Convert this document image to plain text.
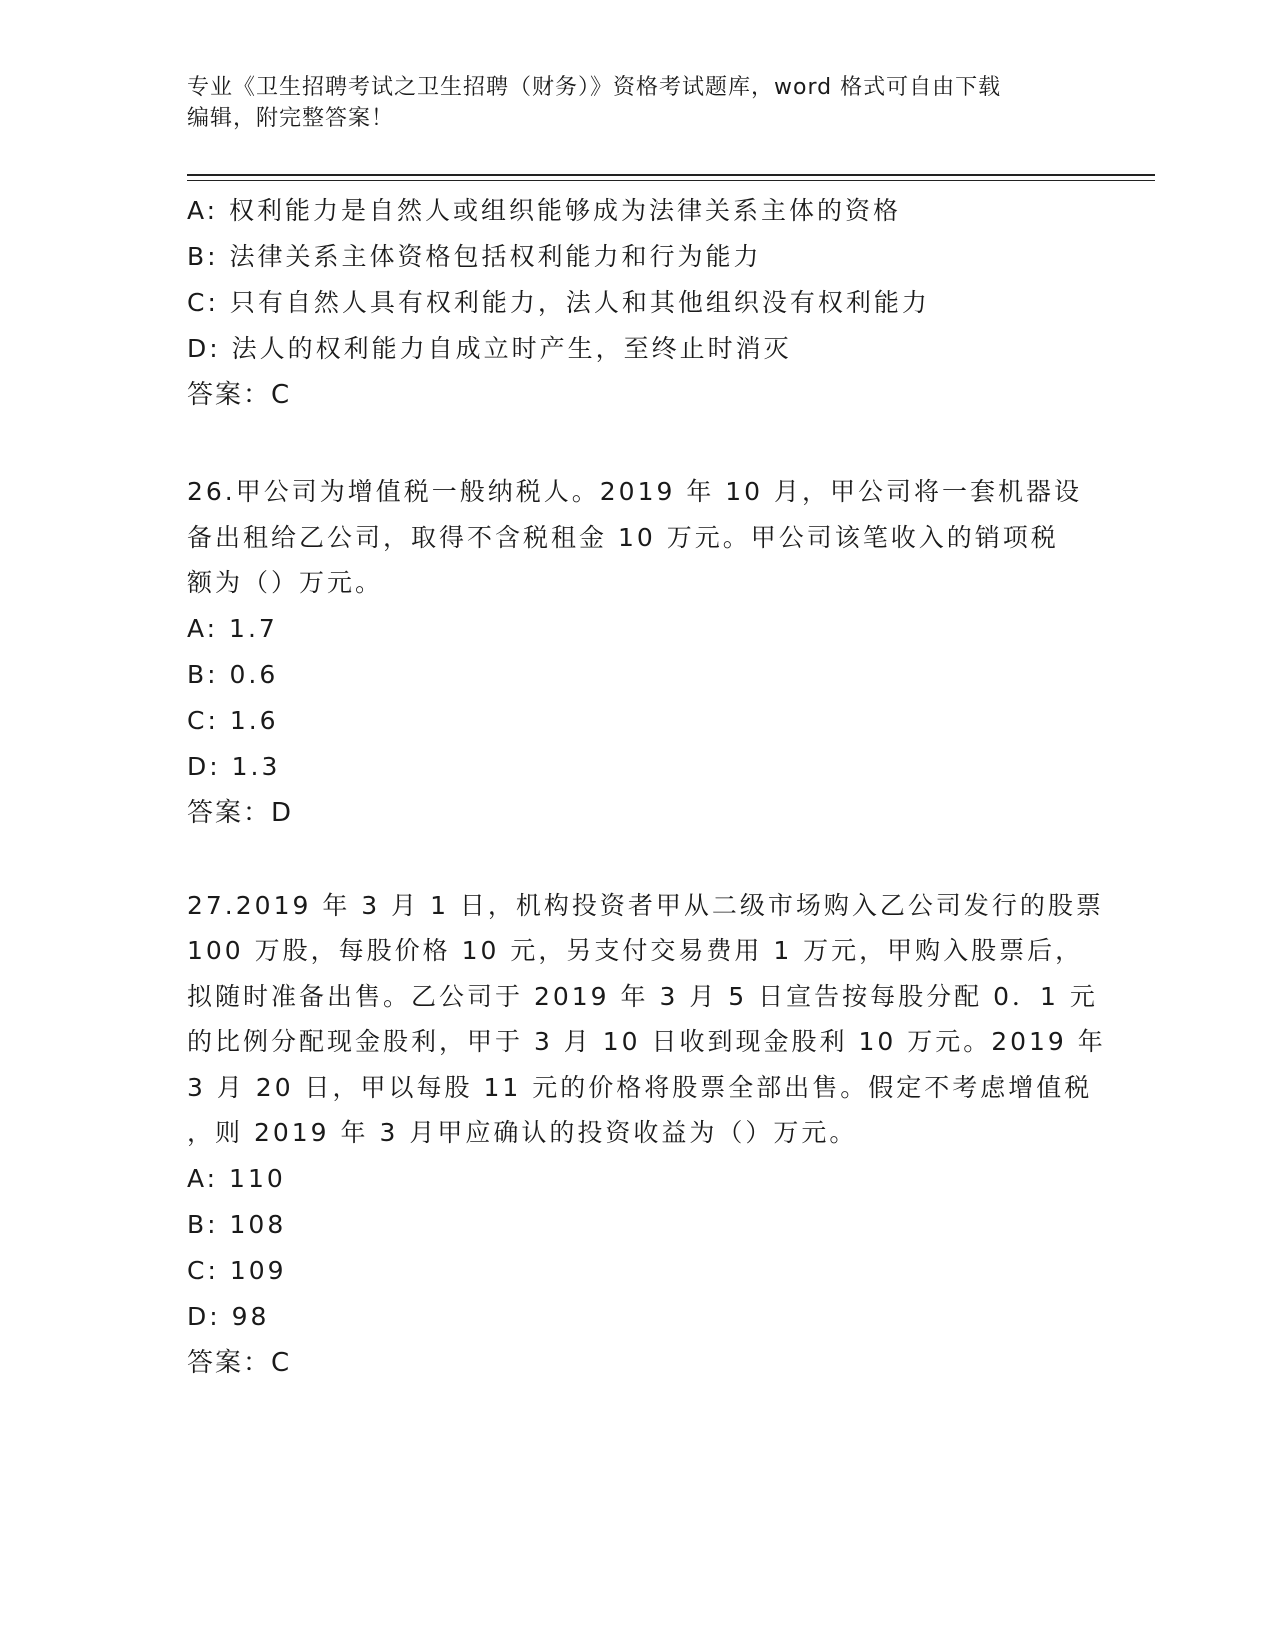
专业《卫生招聘考试之卫生招聘（财务）》资格考试题库，word 格式可自由下载
编辑，附完整答案！
A: 权利能力是自然人或组织能够成为法律关系主体的资格
B: 法律关系主体资格包括权利能力和行为能力
C: 只有自然人具有权利能力，法人和其他组织没有权利能力
D: 法人的权利能力自成立时产生，至终止时消灭
答案：C
26.甲公司为增值税一般纳税人。2019 年 10 月，甲公司将一套机器设
备出租给乙公司，取得不含税租金 10 万元。甲公司该笔收入的销项税
额为（）万元。
A: 1.7
B: 0.6
C: 1.6
D: 1.3
答案：D
27.2019 年 3 月 1 日，机构投资者甲从二级市场购入乙公司发行的股票
100 万股，每股价格 10 元，另支付交易费用 1 万元，甲购入股票后，
拟随时准备出售。乙公司于 2019 年 3 月 5 日宣告按每股分配 0．1 元
的比例分配现金股利，甲于 3 月 10 日收到现金股利 10 万元。2019 年
3 月 20 日，甲以每股 11 元的价格将股票全部出售。假定不考虑增值税
，则 2019 年 3 月甲应确认的投资收益为（）万元。
A: 110
B: 108
C: 109
D: 98
答案：C
